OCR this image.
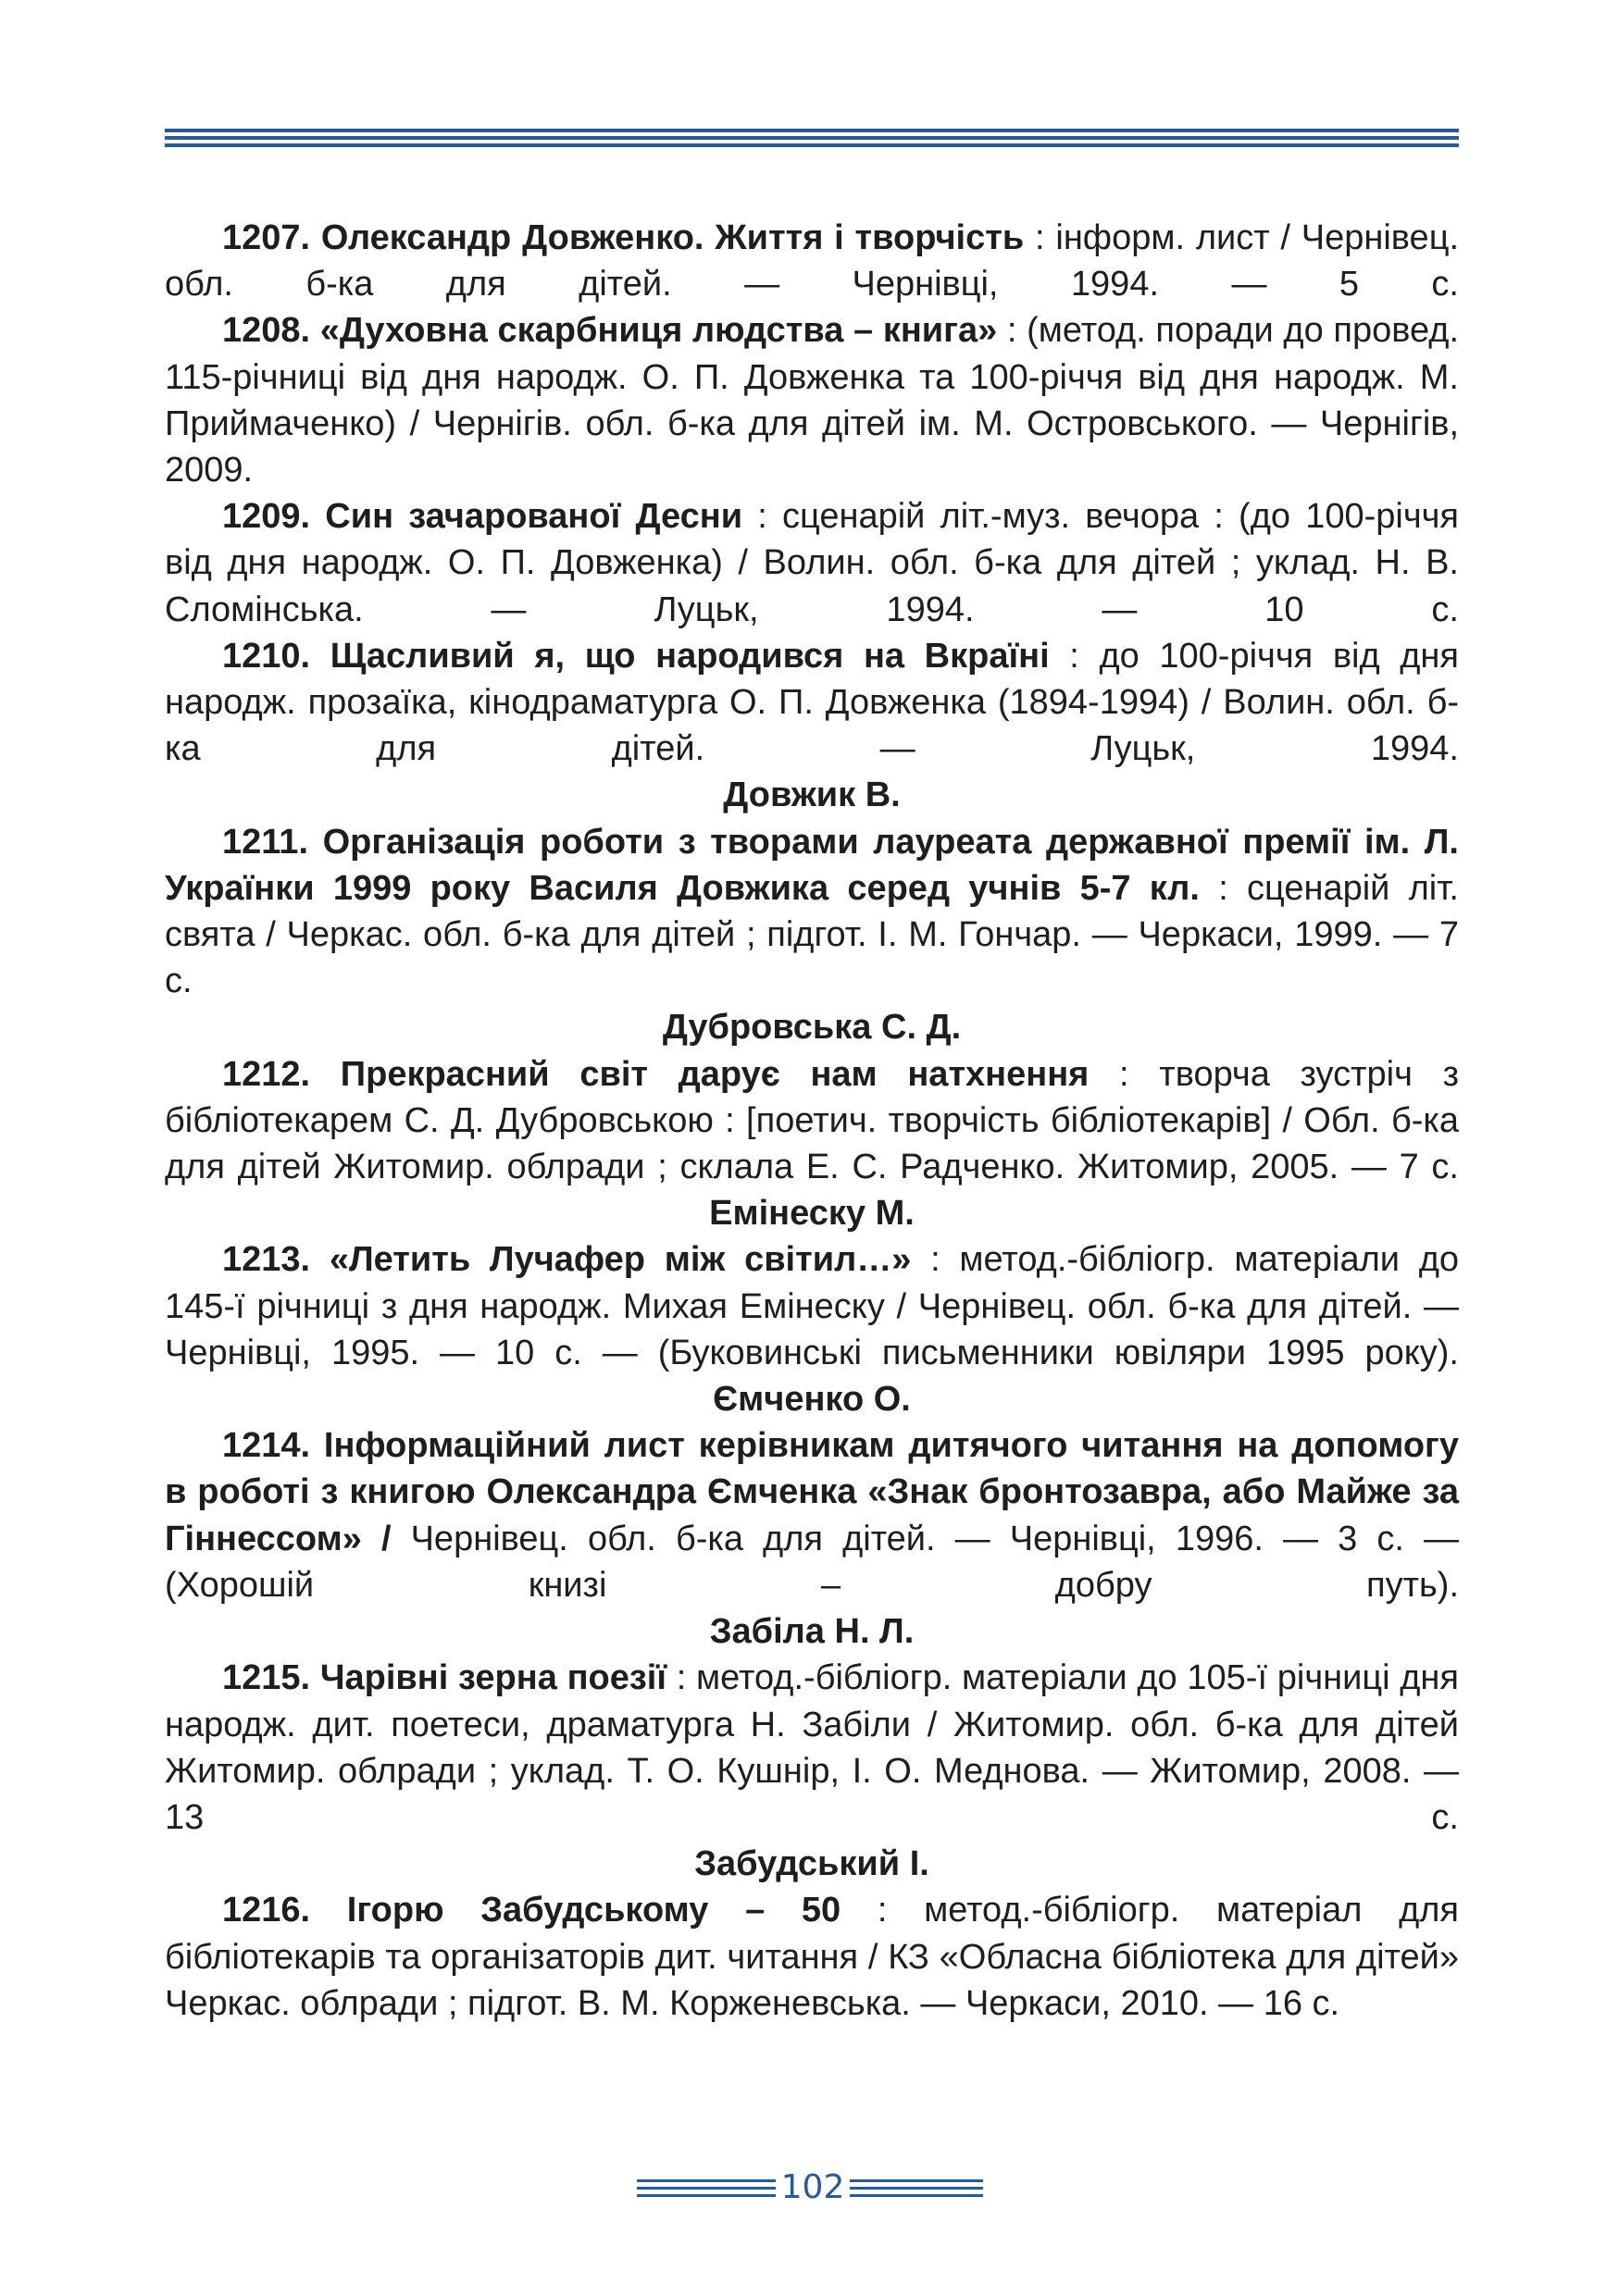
1207. Олександр Довженко. Життя і творчість : інформ. лист / Чернівец. обл. б-ка для дітей. — Чернівці, 1994. — 5 с.

1208. «Духовна скарбниця людства – книга» : (метод. поради до провед. 115-річниці від дня народж. О. П. Довженка та 100-річчя від дня народж. М. Приймаченко) / Чернігів. обл. б-ка для дітей ім. М. Островського. — Чернігів, 2009.

1209. Син зачарованої Десни : сценарій літ.-муз. вечора : (до 100-річчя від дня народж. О. П. Довженка) / Волин. обл. б-ка для дітей ; уклад. Н. В. Сломінська. — Луцьк, 1994. — 10 с.

1210. Щасливий я, що народився на Вкраїні : до 100-річчя від дня народж. прозаїка, кінодраматурга О. П. Довженка (1894-1994) / Волин. обл. б-ка для дітей. — Луцьк, 1994.

Довжик В.

1211. Організація роботи з творами лауреата державної премії ім. Л. Українки 1999 року Василя Довжика серед учнів 5-7 кл. : сценарій літ. свята / Черкас. обл. б-ка для дітей ; підгот. І. М. Гончар. — Черкаси, 1999. — 7 с.

Дубровська С. Д.

1212. Прекрасний світ дарує нам натхнення : творча зустріч з бібліотекарем С. Д. Дубровською : [поетич. творчість бібліотекарів] / Обл. б-ка для дітей Житомир. облради ; склала Е. С. Радченко. Житомир, 2005. — 7 с.

Емінеску М.

1213. «Летить Лучафер між світил…» : метод.-бібліогр. матеріали до 145-ї річниці з дня народж. Михая Емінеску / Чернівец. обл. б-ка для дітей. — Чернівці, 1995. — 10 с. — (Буковинські письменники ювіляри 1995 року).

Ємченко О.

1214. Інформаційний лист керівникам дитячого читання на допомогу в роботі з книгою Олександра Ємченка «Знак бронтозавра, або Майже за Гіннессом» / Чернівец. обл. б-ка для дітей. — Чернівці, 1996. — 3 с. — (Хорошій книзі – добру путь).

Забіла Н. Л.

1215. Чарівні зерна поезії : метод.-бібліогр. матеріали до 105-ї річниці дня народж. дит. поетеси, драматурга Н. Забіли / Житомир. обл. б-ка для дітей Житомир. облради ; уклад. Т. О. Кушнір, І. О. Меднова. — Житомир, 2008. — 13 с.

Забудський І.

1216. Ігорю Забудському – 50 : метод.-бібліогр. матеріал для бібліотекарів та організаторів дит. читання / КЗ «Обласна бібліотека для дітей» Черкас. облради ; підгот. В. М. Корженевська. — Черкаси, 2010. — 16 с.

102
